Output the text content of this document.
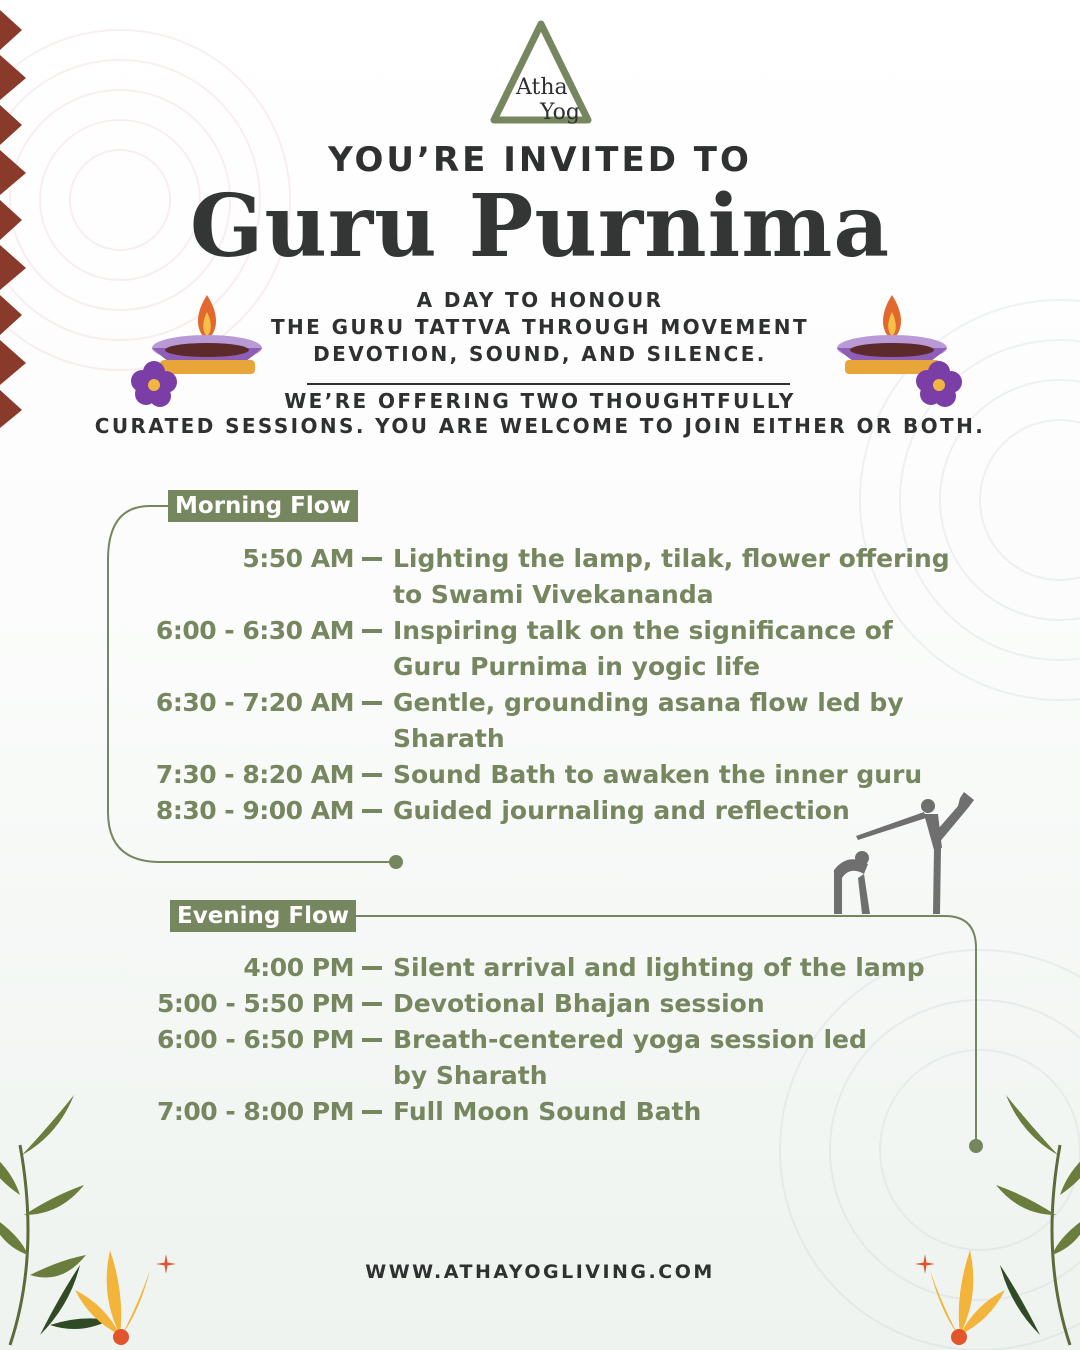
Atha
Yog
YOU’RE INVITED TO
Guru Purnima
A DAY TO HONOUR
THE GURU TATTVA THROUGH MOVEMENT
DEVOTION, SOUND, AND SILENCE.
WE’RE OFFERING TWO THOUGHTFULLY
CURATED SESSIONS. YOU ARE WELCOME TO JOIN EITHER OR BOTH.
Morning Flow
Evening Flow
5:50 AM Lighting the lamp, tilak, flower offering
to Swami Vivekananda
6:00 - 6:30 AM Inspiring talk on the significance of
Guru Purnima in yogic life
6:30 - 7:20 AM Gentle, grounding asana flow led by
Sharath
7:30 - 8:20 AM Sound Bath to awaken the inner guru
8:30 - 9:00 AM Guided journaling and reflection
4:00 PM Silent arrival and lighting of the lamp
5:00 - 5:50 PM Devotional Bhajan session
6:00 - 6:50 PM Breath-centered yoga session led
by Sharath
7:00 - 8:00 PM Full Moon Sound Bath
WWW.ATHAYOGLIVING.COM
